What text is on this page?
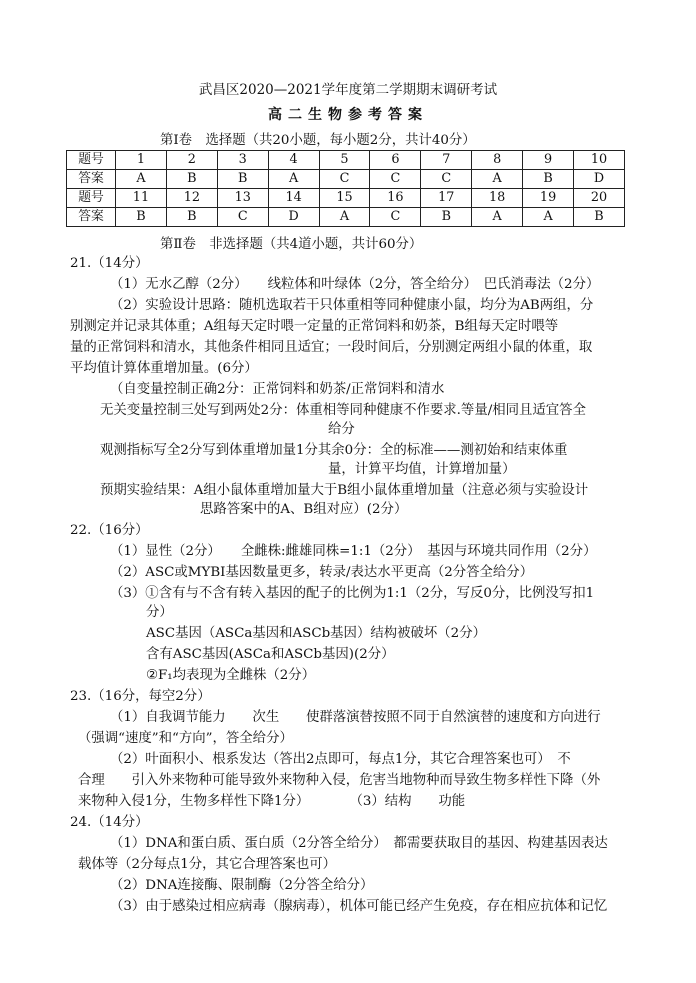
武昌区2020—2021学年度第二学期期末调研考试
高二生物参考答案
第Ⅰ卷　选择题（共20小题，每小题2分，共计40分）
题号	1	2	3	4	5	6	7	8	9	10
答案	A	B	B	A	C	C	C	A	B	D
题号	11	12	13	14	15	16	17	18	19	20
答案	B	B	C	D	A	C	B	A	A	B
第Ⅱ卷　非选择题（共4道小题，共计60分）
21.（14分）
（1）无水乙醇（2分）　　线粒体和叶绿体（2分，答全给分）　巴氏消毒法（2分）
（2）实验设计思路：随机选取若干只体重相等同种健康小鼠，均分为AB两组，分
别测定并记录其体重；A组每天定时喂一定量的正常饲料和奶茶，B组每天定时喂等
量的正常饲料和清水，其他条件相同且适宜；一段时间后，分别测定两组小鼠的体重，取
平均值计算体重增加量。(6分）
（自变量控制正确2分：正常饲料和奶茶/正常饲料和清水
无关变量控制三处写到两处2分：体重相等同种健康不作要求.等量/相同且适宜答全
给分
观测指标写全2分写到体重增加量1分其余0分：全的标准——测初始和结束体重
量，计算平均值，计算增加量）
预期实验结果：A组小鼠体重增加量大于B组小鼠体重增加量（注意必须与实验设计
思路答案中的A、B组对应）(2分）
22.（16分）
（1）显性（2分）　　全雌株:雌雄同株=1:1（2分）　基因与环境共同作用（2分）
（2）ASC或MYBⅠ基因数量更多，转录/表达水平更高（2分答全给分）
（3）①含有与不含有转入基因的配子的比例为1:1（2分，写反0分，比例没写扣1
分）
ASC基因（ASCa基因和ASCb基因）结构被破坏（2分）
含有ASC基因(ASCa和ASCb基因)(2分）
②F₁均表现为全雌株（2分）
23.（16分，每空2分）
（1）自我调节能力　　次生　　使群落演替按照不同于自然演替的速度和方向进行
（强调“速度”和“方向”，答全给分）
（2）叶面积小、根系发达（答出2点即可，每点1分，其它合理答案也可）　不
合理　　引入外来物种可能导致外来物种入侵，危害当地物种而导致生物多样性下降（外
来物种入侵1分，生物多样性下降1分）　　　　（3）结构　　功能
24.（14分）
（1）DNA和蛋白质、蛋白质（2分答全给分）　都需要获取目的基因、构建基因表达
载体等（2分每点1分，其它合理答案也可）
（2）DNA连接酶、限制酶（2分答全给分）
（3）由于感染过相应病毒（腺病毒），机体可能已经产生免疫，存在相应抗体和记忆
